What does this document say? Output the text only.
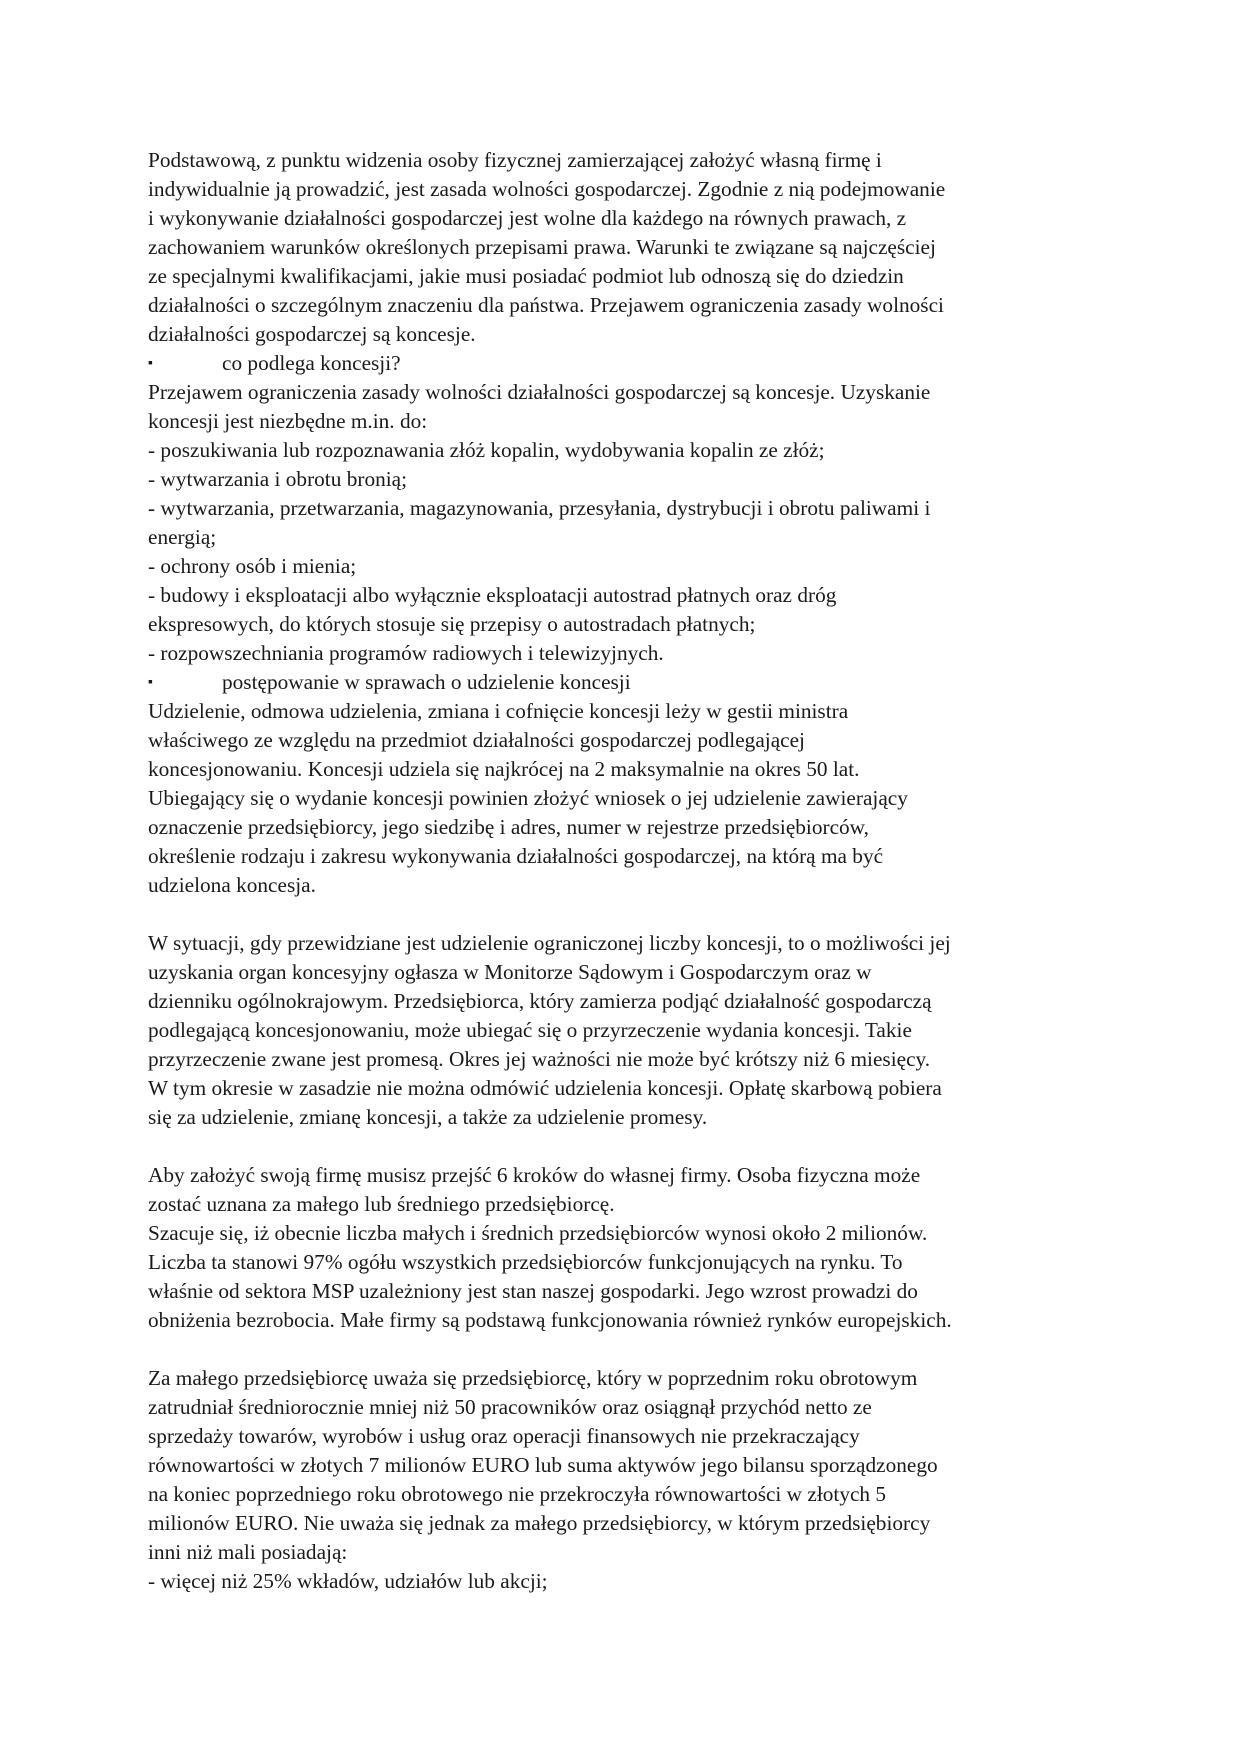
Podstawową, z punktu widzenia osoby fizycznej zamierzającej założyć własną firmę i
indywidualnie ją prowadzić, jest zasada wolności gospodarczej. Zgodnie z nią podejmowanie
i wykonywanie działalności gospodarczej jest wolne dla każdego na równych prawach, z
zachowaniem warunków określonych przepisami prawa. Warunki te związane są najczęściej
ze specjalnymi kwalifikacjami, jakie musi posiadać podmiot lub odnoszą się do dziedzin
działalności o szczególnym znaczeniu dla państwa. Przejawem ograniczenia zasady wolności
działalności gospodarczej są koncesje.
▪	co podlega koncesji?
Przejawem ograniczenia zasady wolności działalności gospodarczej są koncesje. Uzyskanie
koncesji jest niezbędne m.in. do:
- poszukiwania lub rozpoznawania złóż kopalin, wydobywania kopalin ze złóż;
- wytwarzania i obrotu bronią;
- wytwarzania, przetwarzania, magazynowania, przesyłania, dystrybucji i obrotu paliwami i
energią;
- ochrony osób i mienia;
- budowy i eksploatacji albo wyłącznie eksploatacji autostrad płatnych oraz dróg
ekspresowych, do których stosuje się przepisy o autostradach płatnych;
- rozpowszechniania programów radiowych i telewizyjnych.
▪	postępowanie w sprawach o udzielenie koncesji
Udzielenie, odmowa udzielenia, zmiana i cofnięcie koncesji leży w gestii ministra
właściwego ze względu na przedmiot działalności gospodarczej podlegającej
koncesjonowaniu. Koncesji udziela się najkrócej na 2 maksymalnie na okres 50 lat.
Ubiegający się o wydanie koncesji powinien złożyć wniosek o jej udzielenie zawierający
oznaczenie przedsiębiorcy, jego siedzibę i adres, numer w rejestrze przedsiębiorców,
określenie rodzaju i zakresu wykonywania działalności gospodarczej, na którą ma być
udzielona koncesja.
W sytuacji, gdy przewidziane jest udzielenie ograniczonej liczby koncesji, to o możliwości jej
uzyskania organ koncesyjny ogłasza w Monitorze Sądowym i Gospodarczym oraz w
dzienniku ogólnokrajowym. Przedsiębiorca, który zamierza podjąć działalność gospodarczą
podlegającą koncesjonowaniu, może ubiegać się o przyrzeczenie wydania koncesji. Takie
przyrzeczenie zwane jest promesą. Okres jej ważności nie może być krótszy niż 6 miesięcy.
W tym okresie w zasadzie nie można odmówić udzielenia koncesji. Opłatę skarbową pobiera
się za udzielenie, zmianę koncesji, a także za udzielenie promesy.
Aby założyć swoją firmę musisz przejść 6 kroków do własnej firmy. Osoba fizyczna może
zostać uznana za małego lub średniego przedsiębiorcę.
Szacuje się, iż obecnie liczba małych i średnich przedsiębiorców wynosi około 2 milionów.
Liczba ta stanowi 97% ogółu wszystkich przedsiębiorców funkcjonujących na rynku. To
właśnie od sektora MSP uzależniony jest stan naszej gospodarki. Jego wzrost prowadzi do
obniżenia bezrobocia. Małe firmy są podstawą funkcjonowania również rynków europejskich.
Za małego przedsiębiorcę uważa się przedsiębiorcę, który w poprzednim roku obrotowym
zatrudniał średniorocznie mniej niż 50 pracowników oraz osiągnął przychód netto ze
sprzedaży towarów, wyrobów i usług oraz operacji finansowych nie przekraczający
równowartości w złotych 7 milionów EURO lub suma aktywów jego bilansu sporządzonego
na koniec poprzedniego roku obrotowego nie przekroczyła równowartości w złotych 5
milionów EURO. Nie uważa się jednak za małego przedsiębiorcy, w którym przedsiębiorcy
inni niż mali posiadają:
- więcej niż 25% wkładów, udziałów lub akcji;
